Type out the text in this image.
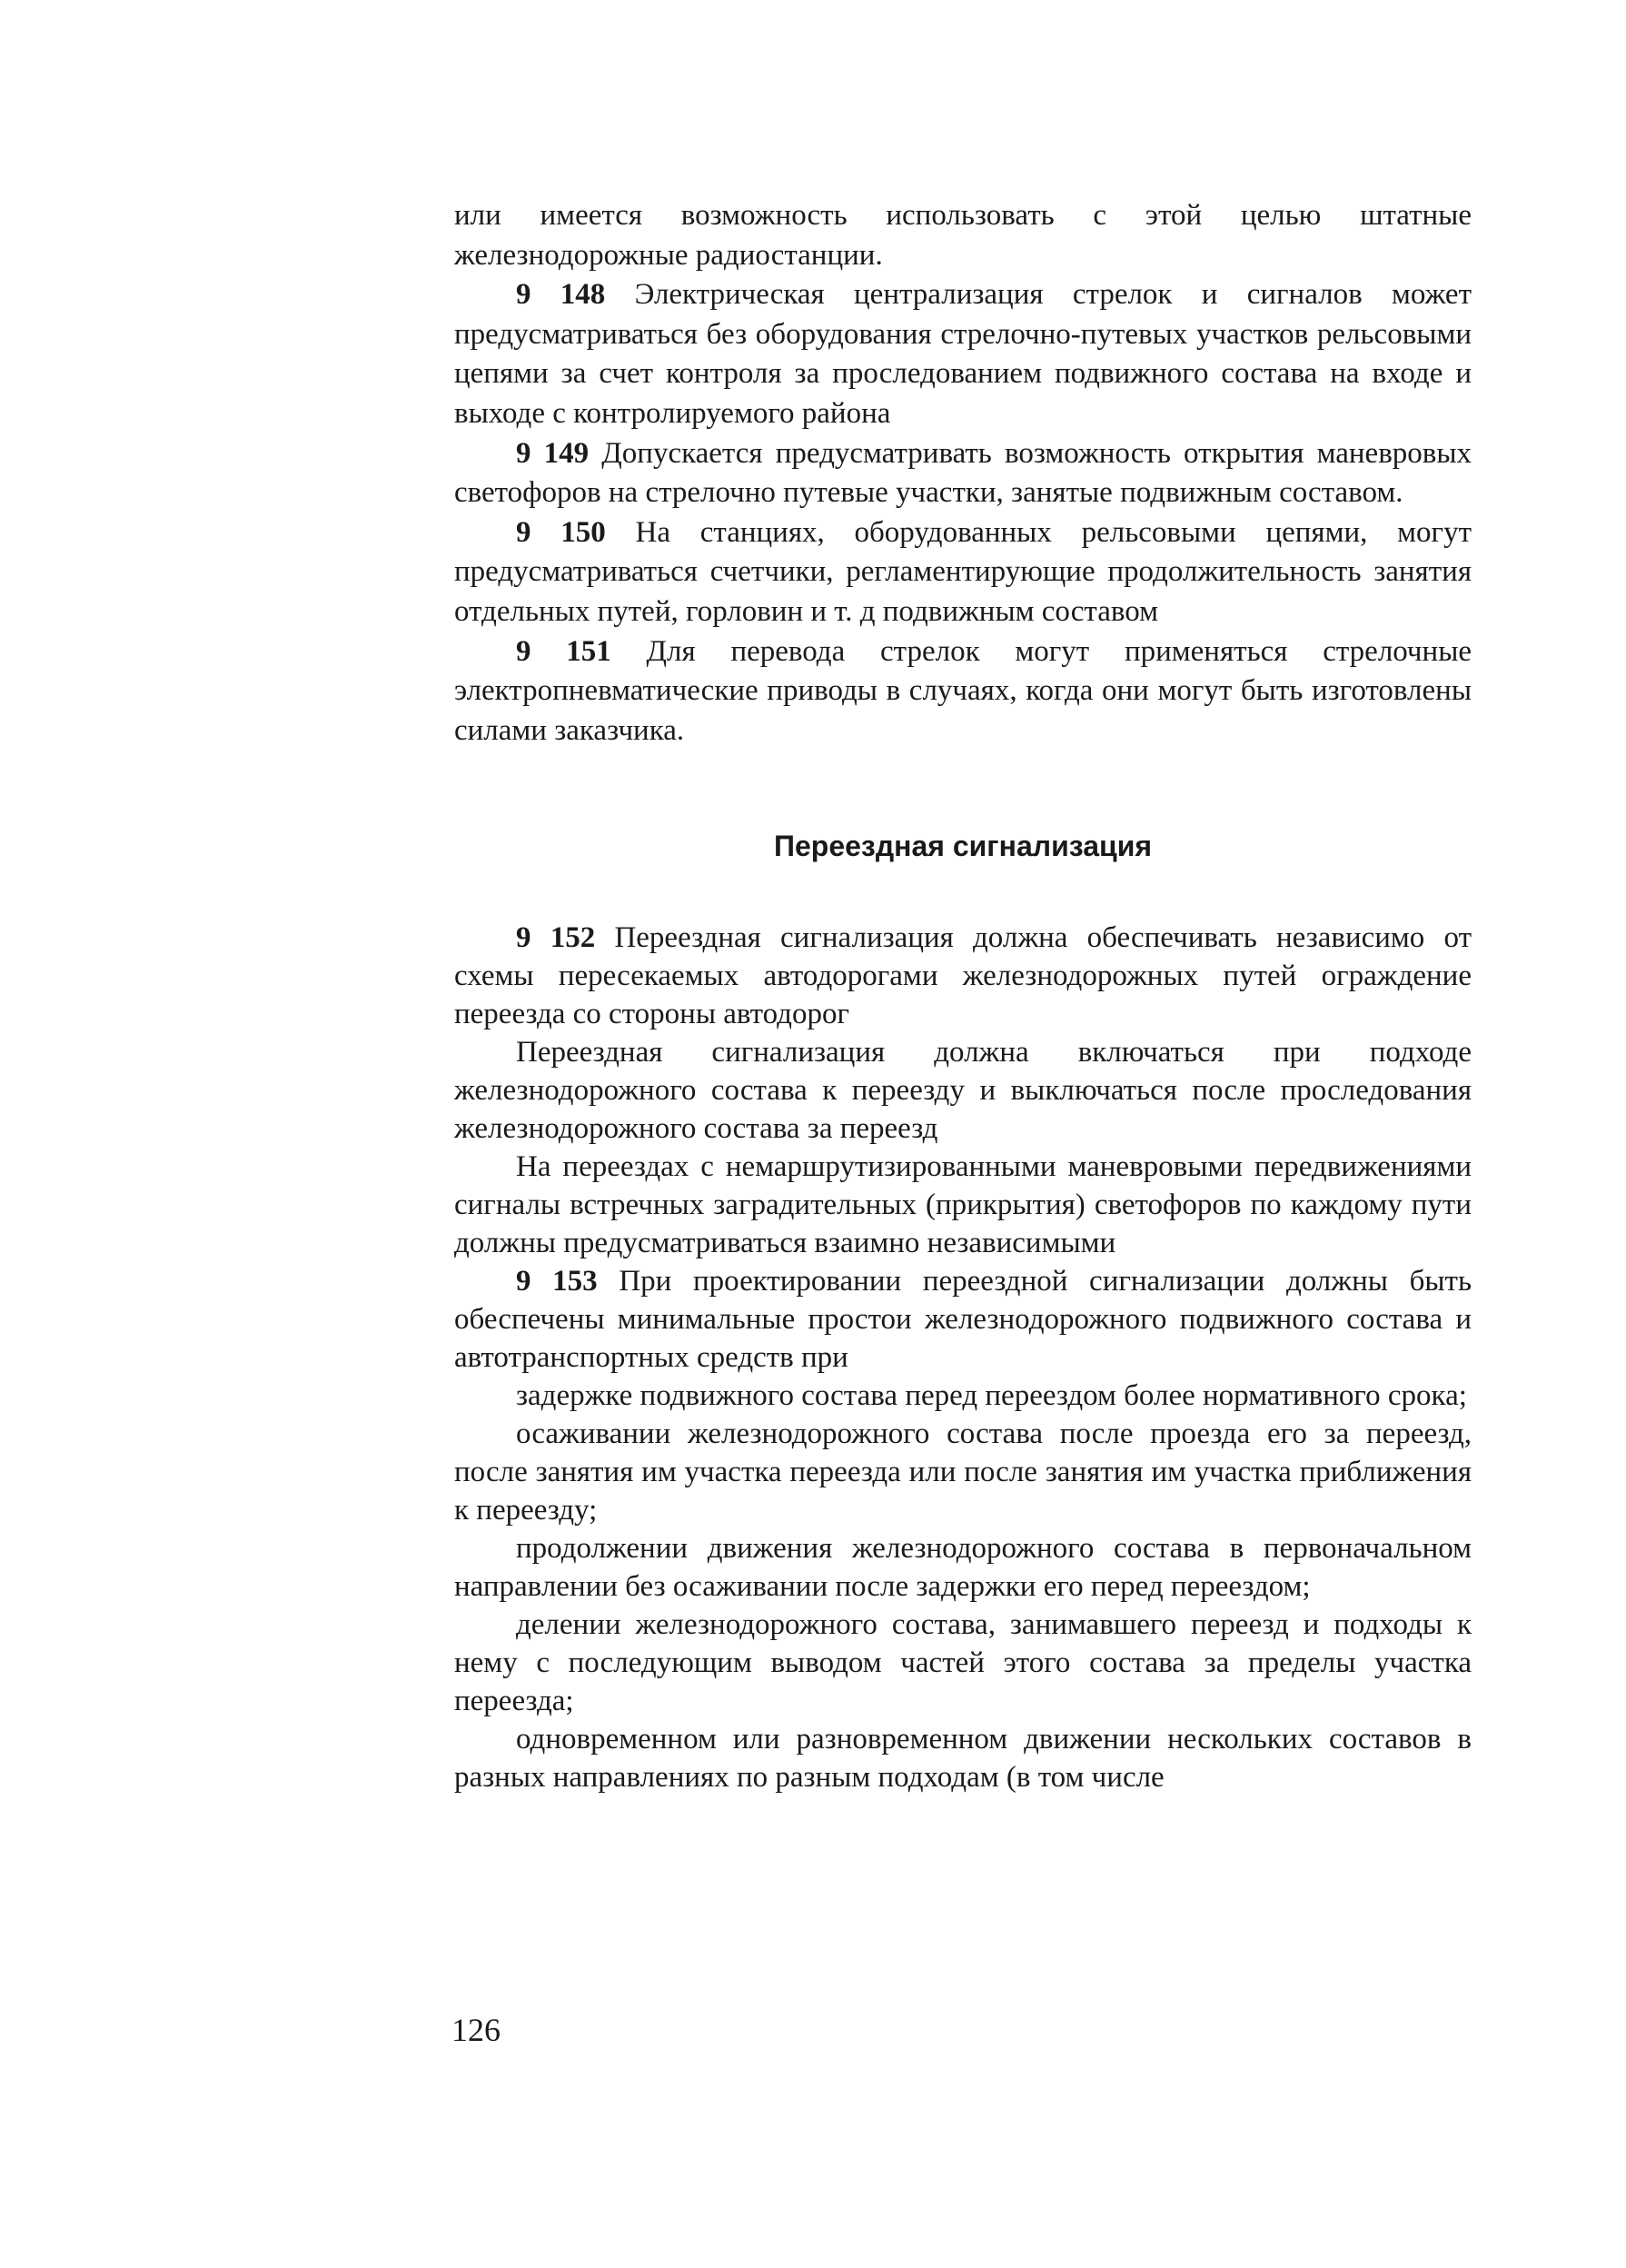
или имеется возможность использовать с этой целью штатные железнодорожные радиостанции.

9 148 Электрическая централизация стрелок и сигналов может предусматриваться без оборудования стрелочно-путевых участков рельсовыми цепями за счет контроля за проследованием подвижного состава на входе и выходе с контролируемого района

9 149 Допускается предусматривать возможность открытия маневровых светофоров на стрелочно путевые участки, занятые подвижным составом.

9 150 На станциях, оборудованных рельсовыми цепями, могут предусматриваться счетчики, регламентирующие продолжительность занятия отдельных путей, горловин и т. д подвижным составом

9 151 Для перевода стрелок могут применяться стрелочные электропневматические приводы в случаях, когда они могут быть изготовлены силами заказчика.

Переездная сигнализация

9 152 Переездная сигнализация должна обеспечивать независимо от схемы пересекаемых автодорогами железнодорожных путей ограждение переезда со стороны автодорог

Переездная сигнализация должна включаться при подходе железнодорожного состава к переезду и выключаться после проследования железнодорожного состава за переезд

На переездах с немаршрутизированными маневровыми передвижениями сигналы встречных заградительных (прикрытия) светофоров по каждому пути должны предусматриваться взаимно независимыми

9 153 При проектировании переездной сигнализации должны быть обеспечены минимальные простои железнодорожного подвижного состава и автотранспортных средств при

задержке подвижного состава перед переездом более нормативного срока;

осаживании железнодорожного состава после проезда его за переезд, после занятия им участка переезда или после занятия им участка приближения к переезду;

продолжении движения железнодорожного состава в первоначальном направлении без осаживании после задержки его перед переездом;

делении железнодорожного состава, занимавшего переезд и подходы к нему с последующим выводом частей этого состава за пределы участка переезда;

одновременном или разновременном движении нескольких составов в разных направлениях по разным подходам (в том числе

126
